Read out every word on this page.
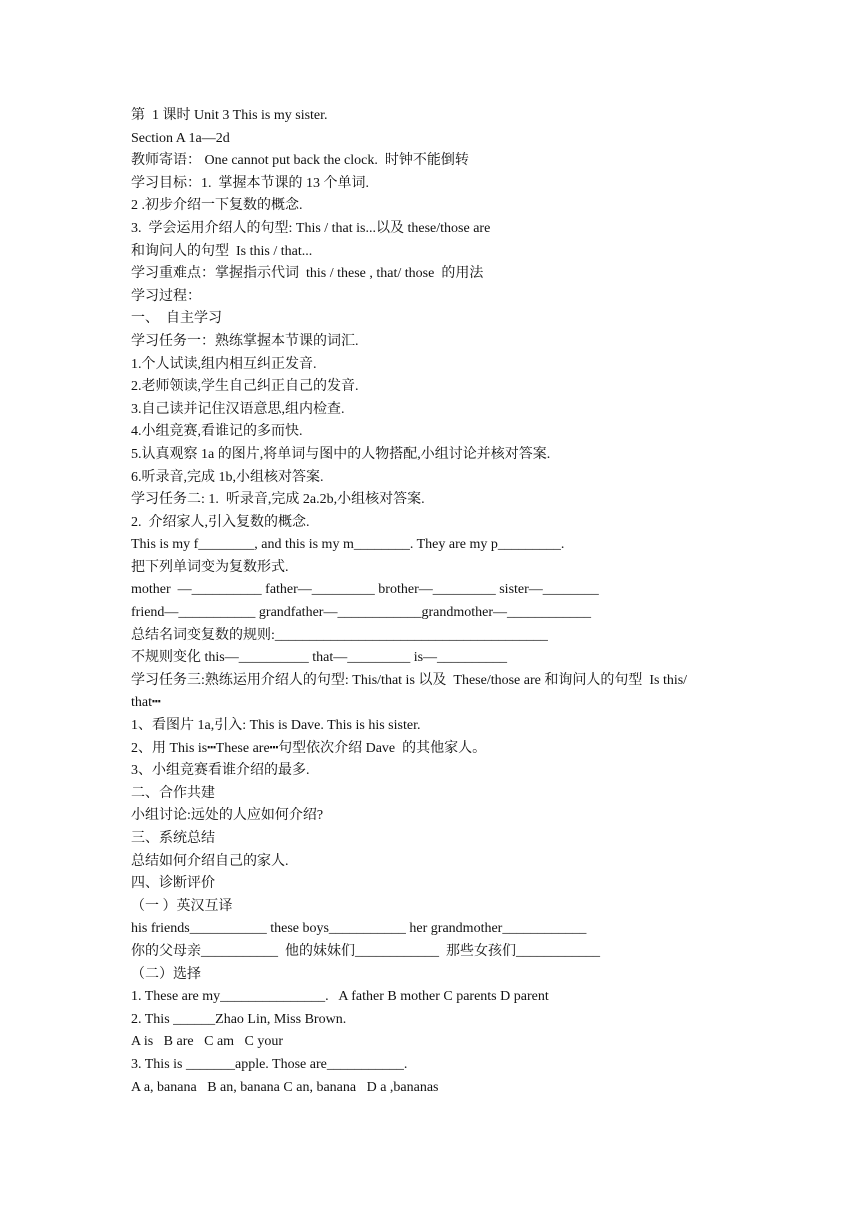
第  1 课时 Unit 3 This is my sister.
Section A 1a—2d
教师寄语： One cannot put back the clock.  时钟不能倒转
学习目标：1.  掌握本节课的 13 个单词.
2 .初步介绍一下复数的概念.
3.  学会运用介绍人的句型: This / that is...以及 these/those are
和询问人的句型  Is this / that...
学习重难点：掌握指示代词  this / these , that/ those  的用法
学习过程：
一、  自主学习
学习任务一：熟练掌握本节课的词汇.
1.个人试读,组内相互纠正发音.
2.老师领读,学生自己纠正自己的发音.
3.自己读并记住汉语意思,组内检查.
4.小组竞赛,看谁记的多而快.
5.认真观察 1a 的图片,将单词与图中的人物搭配,小组讨论并核对答案.
6.听录音,完成 1b,小组核对答案.
学习任务二: 1.  听录音,完成 2a.2b,小组核对答案.
2.  介绍家人,引入复数的概念.
This is my f________, and this is my m________. They are my p_________.
把下列单词变为复数形式.
mother  —__________ father—_________ brother—_________ sister—________
friend—___________ grandfather—____________grandmother—____________
总结名词变复数的规则:_______________________________________
不规则变化 this—__________ that—_________ is—__________
学习任务三:熟练运用介绍人的句型: This/that is 以及  These/those are 和询问人的句型  Is this/
that┅
1、看图片 1a,引入: This is Dave. This is his sister.
2、用 This is┅These are┅句型依次介绍 Dave  的其他家人。
3、小组竞赛看谁介绍的最多.
二、合作共建
小组讨论:远处的人应如何介绍?
三、系统总结
总结如何介绍自己的家人.
四、诊断评价
（一 ）英汉互译
his friends___________ these boys___________ her grandmother____________
你的父母亲___________  他的妹妹们____________  那些女孩们____________
（二）选择
1. These are my_______________.   A father B mother C parents D parent
2. This ______Zhao Lin, Miss Brown.
A is   B are   C am   C your
3. This is _______apple. Those are___________.
A a, banana   B an, banana C an, banana   D a ,bananas
